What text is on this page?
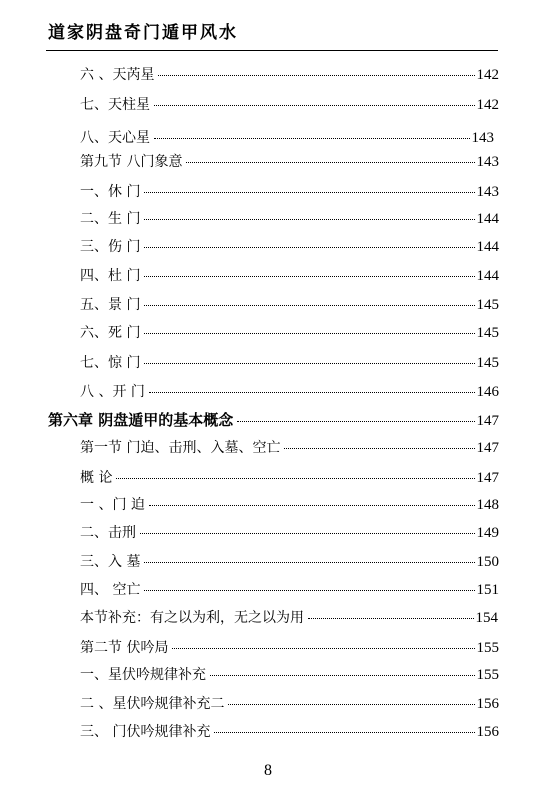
道家阴盘奇门遁甲风水
六 、天芮星	142
七、天柱星	142
八、天心星	143
第九节 八门象意	143
一、休 门	143
二、生 门	144
三、伤 门	144
四、杜 门	144
五、景 门	145
六、死 门	145
七、惊 门	145
八 、开 门	146
第六章 阴盘遁甲的基本概念	147
第一节 门迫、击刑、入墓、空亡	147
概 论	147
一 、门 迫	148
二、击刑	149
三、入 墓	150
四、 空亡	151
本节补充：有之以为利，无之以为用	154
第二节 伏吟局	155
一、星伏吟规律补充	155
二 、星伏吟规律补充二	156
三、 门伏吟规律补充	156
8
